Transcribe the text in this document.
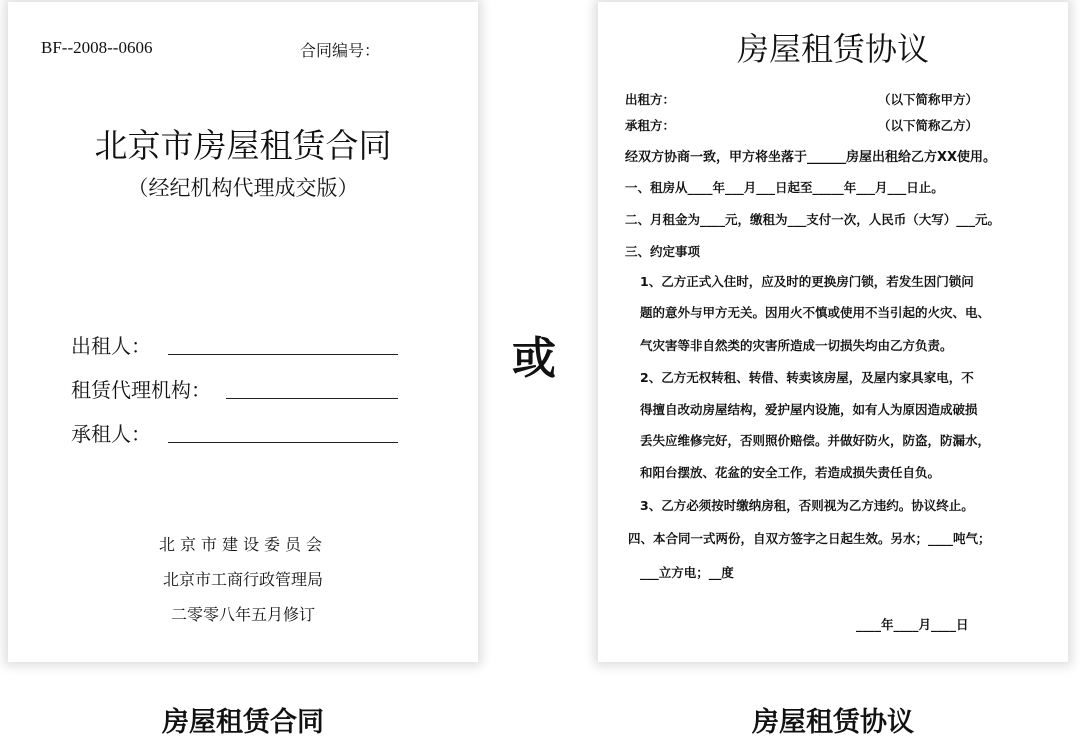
BF--2008--0606	合同编号：
北京市房屋租赁合同
（经纪机构代理成交版）
出租人：
租赁代理机构：
承租人：
北京市建设委员会
北京市工商行政管理局
二零零八年五月修订
或
房屋租赁协议
出租方：	（以下简称甲方）
承租方：	（以下简称乙方）
经双方协商一致，甲方将坐落于______房屋出租给乙方XX使用。
一、租房从____年___月___日起至_____年___月___日止。
二、月租金为____元，缴租为___支付一次，人民币（大写）___元。
三、约定事项
1、乙方正式入住时，应及时的更换房门锁，若发生因门锁问
题的意外与甲方无关。因用火不慎或使用不当引起的火灾、电、
气灾害等非自然类的灾害所造成一切损失均由乙方负责。
2、乙方无权转租、转借、转卖该房屋，及屋内家具家电，不
得擅自改动房屋结构，爱护屋内设施，如有人为原因造成破损
丢失应维修完好，否则照价赔偿。并做好防火，防盗，防漏水，
和阳台摆放、花盆的安全工作，若造成损失责任自负。
3、乙方必须按时缴纳房租，否则视为乙方违约。协议终止。
四、本合同一式两份，自双方签字之日起生效。另水；____吨气；
___立方电；__度
____年____月____日
房屋租赁合同	房屋租赁协议
